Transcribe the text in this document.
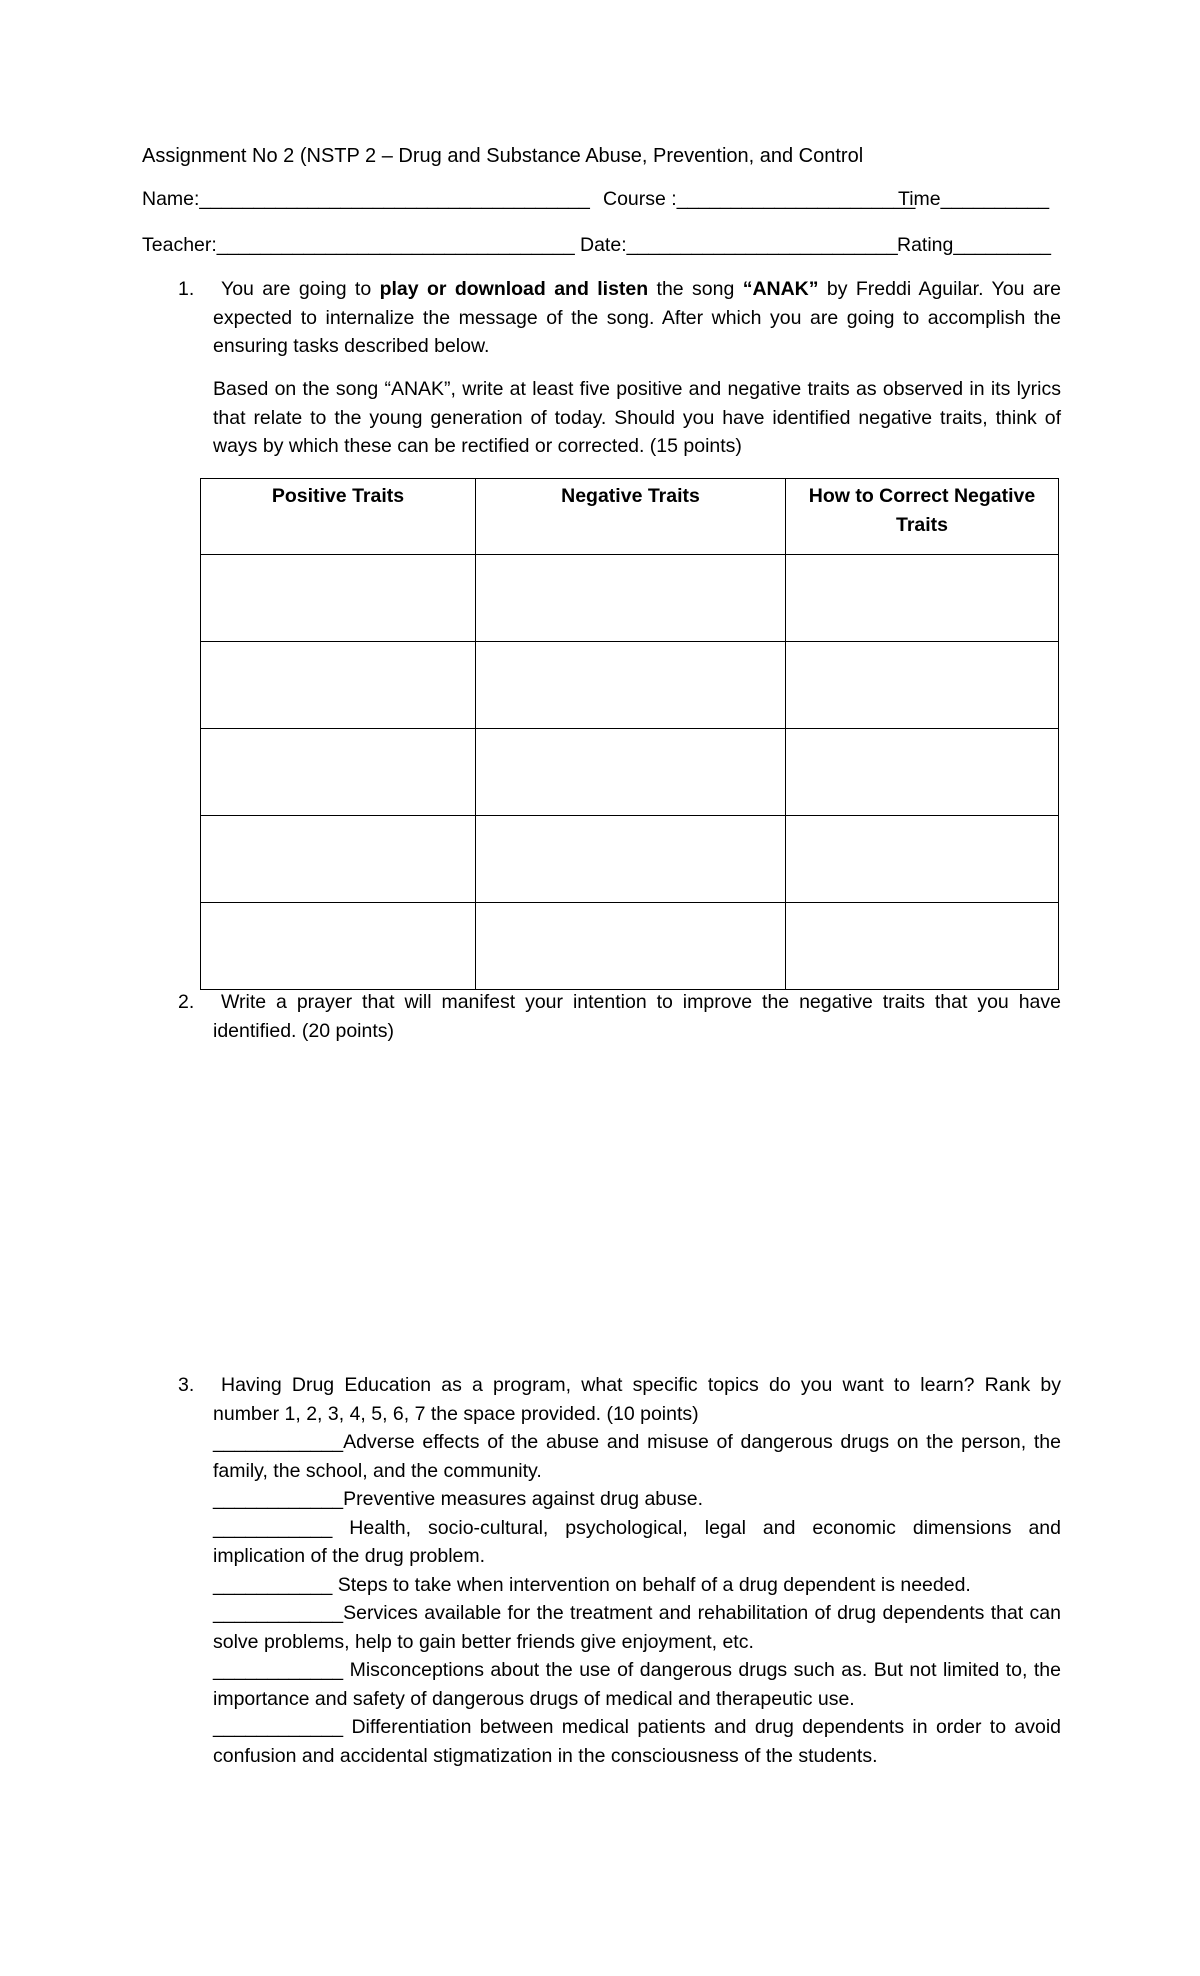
Assignment No 2 (NSTP 2 – Drug and Substance Abuse, Prevention, and Control
Name:____________________________________ Course :______________________
Time__________
Teacher:_________________________________ Date:_________________________ Rating_________
1.	You are going to play or download and listen the song “ANAK” by Freddi Aguilar. You are expected to internalize the message of the song. After which you are going to accomplish the ensuring tasks described below.
Based on the song “ANAK”, write at least five positive and negative traits as observed in its lyrics that relate to the young generation of today. Should you have identified negative traits, think of ways by which these can be rectified or corrected. (15 points)
Positive Traits	Negative Traits	How to Correct Negative Traits

2.	Write a prayer that will manifest your intention to improve the negative traits that you have identified. (20 points)
3.	Having Drug Education as a program, what specific topics do you want to learn? Rank by number 1, 2, 3, 4, 5, 6, 7 the space provided. (10 points)
____________Adverse effects of the abuse and misuse of dangerous drugs on the person, the family, the school, and the community.
____________Preventive measures against drug abuse.
___________ Health, socio-cultural, psychological, legal and economic dimensions and implication of the drug problem.
___________ Steps to take when intervention on behalf of a drug dependent is needed.
____________Services available for the treatment and rehabilitation of drug dependents that can solve problems, help to gain better friends give enjoyment, etc.
____________ Misconceptions about the use of dangerous drugs such as. But not limited to, the importance and safety of dangerous drugs of medical and therapeutic use.
____________ Differentiation between medical patients and drug dependents in order to avoid confusion and accidental stigmatization in the consciousness of the students.
